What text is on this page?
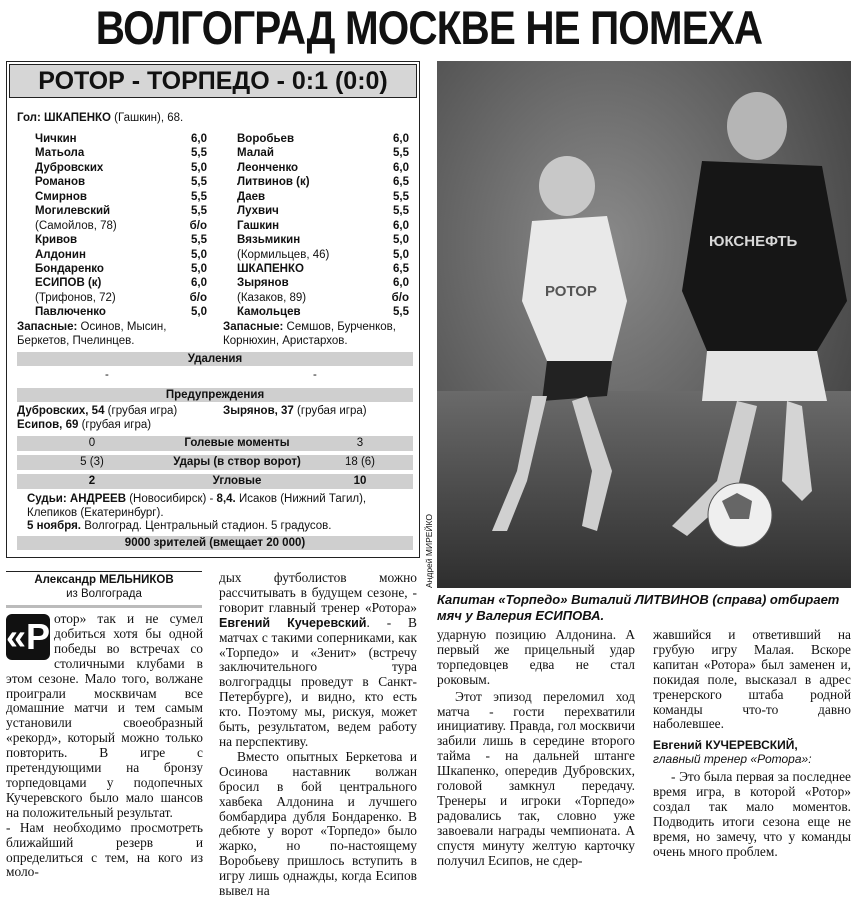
ВОЛГОГРАД МОСКВЕ НЕ ПОМЕХА
РОТОР - ТОРПЕДО - 0:1 (0:0)
Гол: ШКАПЕНКО (Гашкин), 68.
Чичкин	6,0
Матьола	5,5
Дубровских	5,0
Романов	5,5
Смирнов	5,5
Могилевский	5,5
(Самойлов, 78)	б/о
Кривов	5,5
Алдонин	5,0
Бондаренко	5,0
ЕСИПОВ (к)	6,0
(Трифонов, 72)	б/о
Павлюченко	5,0
Воробьев	6,0
Малай	5,5
Леонченко	6,0
Литвинов (к)	6,5
Даев	5,5
Лухвич	5,5
Гашкин	6,0
Вязьмикин	5,0
(Кормильцев, 46)	5,0
ШКАПЕНКО	6,5
Зырянов	6,0
(Казаков, 89)	б/о
Камольцев	5,5
Запасные: Осинов, Мысин, Беркетов, Пчелинцев.
Запасные: Семшов, Бурченков, Корнюхин, Аристархов.
Удаления
-	-
Предупреждения
Дубровских, 54 (грубая игра)
Есипов, 69 (грубая игра)
Зырянов, 37 (грубая игра)
0	Голевые моменты	3
5 (3)	Удары (в створ ворот)	18 (6)
2	Угловые	10
Судьи: АНДРЕЕВ (Новосибирск) - 8,4. Исаков (Нижний Тагил), Клепиков (Екатеринбург).
5 ноября. Волгоград. Центральный стадион. 5 градусов.
9000 зрителей (вмещает 20 000)
РОТОР
ЮКСНЕФТЬ
Андрей МИРЕЙКО
Капитан «Торпедо» Виталий ЛИТВИНОВ (справа) отбирает мяч у Валерия ЕСИПОВА.
Александр МЕЛЬНИКОВ
из Волгограда

«Р отор» так и не сумел добиться хотя бы одной победы во встречах со столичными клубами в этом сезоне. Мало того, волжане проиграли москвичам все домашние матчи и тем самым установили своеобразный «рекорд», который можно только повторить. В игре с претендующими на бронзу торпедовцами у подопечных Кучеревского было мало шансов на положительный результат.

- Нам необходимо просмотреть ближайший резерв и определиться с тем, на кого из моло-

дых футболистов можно рассчитывать в будущем сезоне, - говорит главный тренер «Ротора» Евгений Кучеревский. - В матчах с такими соперниками, как «Торпедо» и «Зенит» (встречу заключительного тура волгоградцы проведут в Санкт-Петербурге), и видно, кто есть кто. Поэтому мы, рискуя, может быть, результатом, ведем работу на перспективу.

Вместо опытных Беркетова и Осинова наставник волжан бросил в бой центрального хавбека Алдонина и лучшего бомбардира дубля Бондаренко. В дебюте у ворот «Торпедо» было жарко, но по-настоящему Воробьеву пришлось вступить в игру лишь однажды, когда Есипов вывел на

ударную позицию Алдонина. А первый же прицельный удар торпедовцев едва не стал роковым.

Этот эпизод переломил ход матча - гости перехватили инициативу. Правда, гол москвичи забили лишь в середине второго тайма - на дальней штанге Шкапенко, опередив Дубровских, головой замкнул передачу. Тренеры и игроки «Торпедо» радовались так, словно уже завоевали награды чемпионата. А спустя минуту желтую карточку получил Есипов, не сдер-

жавшийся и ответивший на грубую игру Малая. Вскоре капитан «Ротора» был заменен и, покидая поле, высказал в адрес тренерского штаба родной команды что-то давно наболевшее.

Евгений КУЧЕРЕВСКИЙ,
главный тренер «Ротора»:

- Это была первая за последнее время игра, в которой «Ротор» создал так мало моментов. Подводить итоги сезона еще не время, но замечу, что у команды очень много проблем.
